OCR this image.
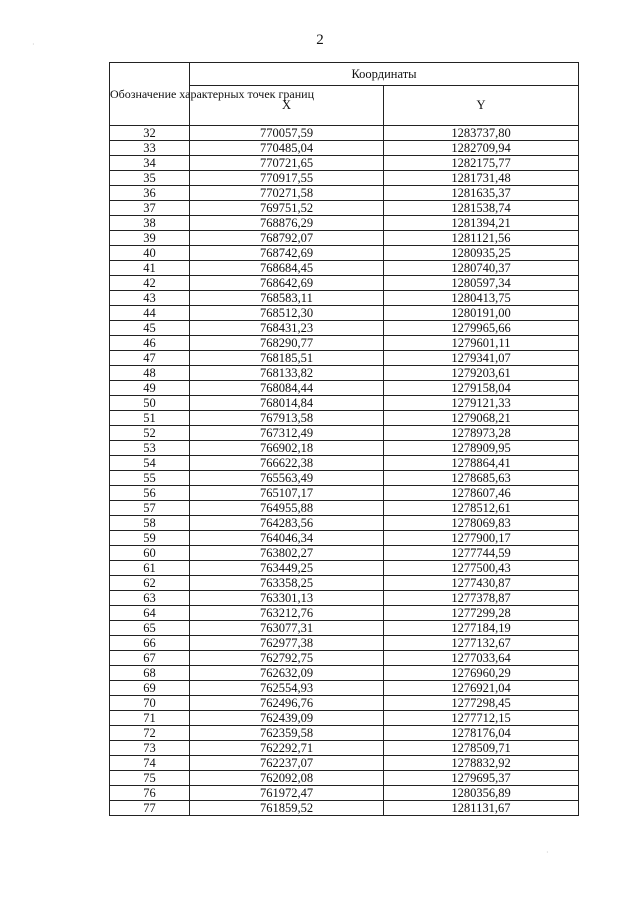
2
Обозначение характерных точек границ	Координаты	
	X	Y
32	770057,59	1283737,80
33	770485,04	1282709,94
34	770721,65	1282175,77
35	770917,55	1281731,48
36	770271,58	1281635,37
37	769751,52	1281538,74
38	768876,29	1281394,21
39	768792,07	1281121,56
40	768742,69	1280935,25
41	768684,45	1280740,37
42	768642,69	1280597,34
43	768583,11	1280413,75
44	768512,30	1280191,00
45	768431,23	1279965,66
46	768290,77	1279601,11
47	768185,51	1279341,07
48	768133,82	1279203,61
49	768084,44	1279158,04
50	768014,84	1279121,33
51	767913,58	1279068,21
52	767312,49	1278973,28
53	766902,18	1278909,95
54	766622,38	1278864,41
55	765563,49	1278685,63
56	765107,17	1278607,46
57	764955,88	1278512,61
58	764283,56	1278069,83
59	764046,34	1277900,17
60	763802,27	1277744,59
61	763449,25	1277500,43
62	763358,25	1277430,87
63	763301,13	1277378,87
64	763212,76	1277299,28
65	763077,31	1277184,19
66	762977,38	1277132,67
67	762792,75	1277033,64
68	762632,09	1276960,29
69	762554,93	1276921,04
70	762496,76	1277298,45
71	762439,09	1277712,15
72	762359,58	1278176,04
73	762292,71	1278509,71
74	762237,07	1278832,92
75	762092,08	1279695,37
76	761972,47	1280356,89
77	761859,52	1281131,67
·
·
